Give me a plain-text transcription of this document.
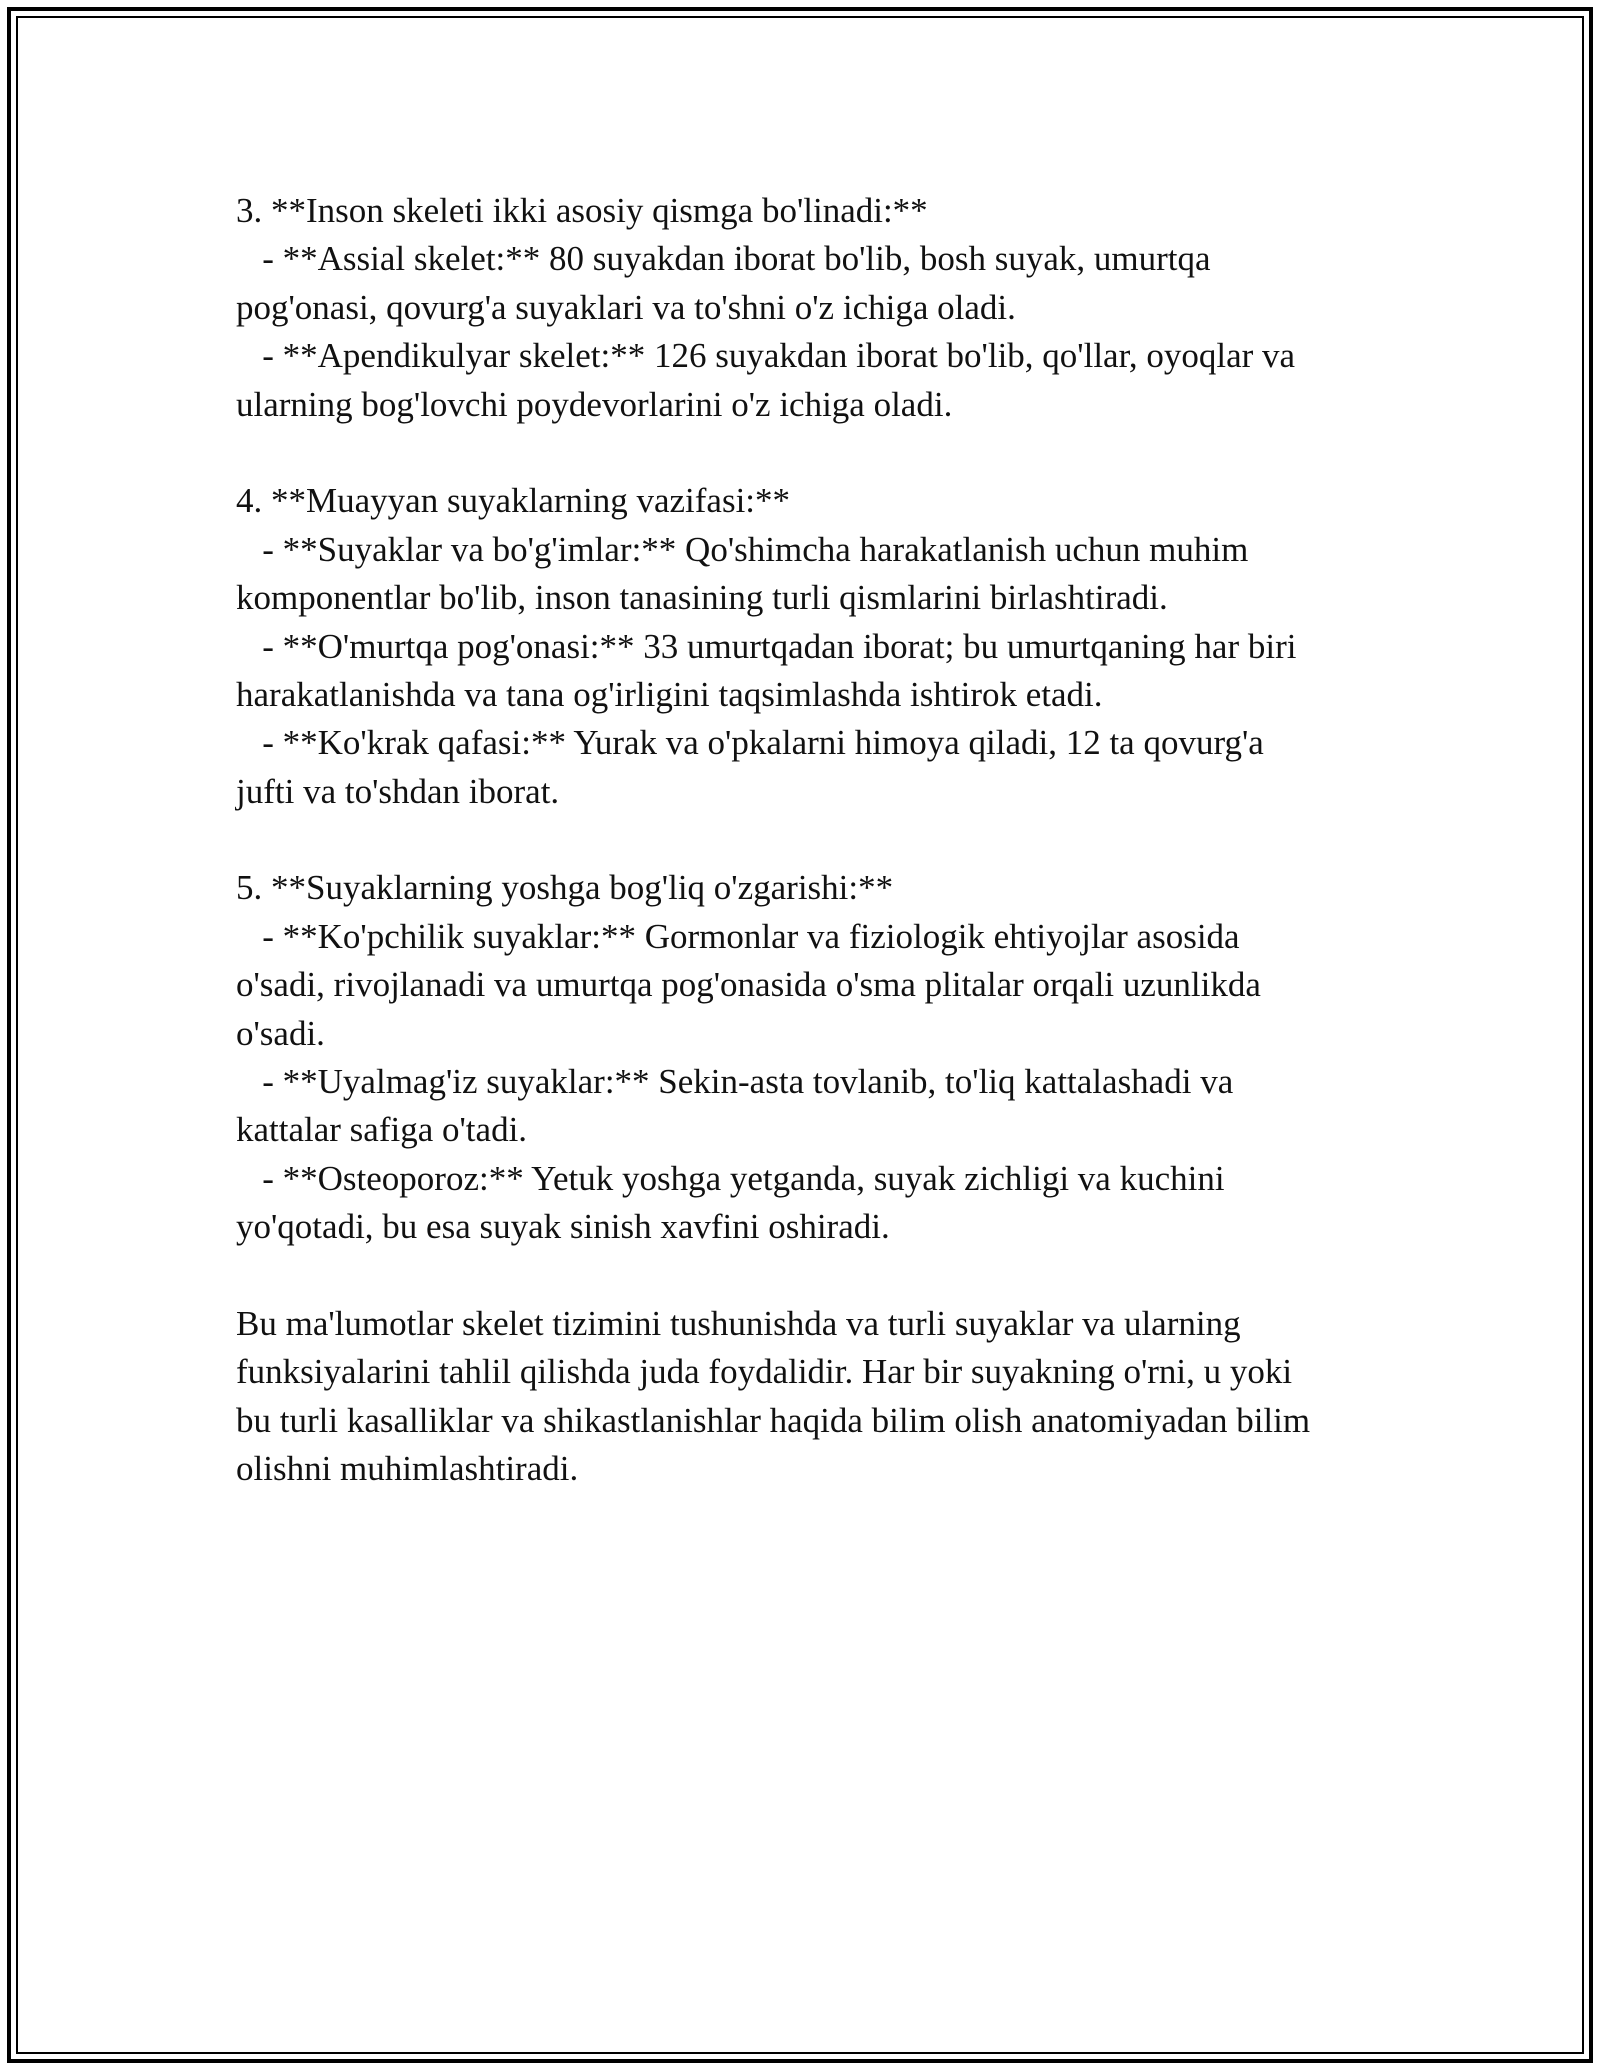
3. **Inson skeleti ikki asosiy qismga bo'linadi:**

- **Assial skelet:** 80 suyakdan iborat bo'lib, bosh suyak, umurtqa

pog'onasi, qovurg'a suyaklari va to'shni o'z ichiga oladi.

- **Apendikulyar skelet:** 126 suyakdan iborat bo'lib, qo'llar, oyoqlar va

ularning bog'lovchi poydevorlarini o'z ichiga oladi.

4. **Muayyan suyaklarning vazifasi:**

- **Suyaklar va bo'g'imlar:** Qo'shimcha harakatlanish uchun muhim

komponentlar bo'lib, inson tanasining turli qismlarini birlashtiradi.

- **O'murtqa pog'onasi:** 33 umurtqadan iborat; bu umurtqaning har biri

harakatlanishda va tana og'irligini taqsimlashda ishtirok etadi.

- **Ko'krak qafasi:** Yurak va o'pkalarni himoya qiladi, 12 ta qovurg'a

jufti va to'shdan iborat.

5. **Suyaklarning yoshga bog'liq o'zgarishi:**

- **Ko'pchilik suyaklar:** Gormonlar va fiziologik ehtiyojlar asosida

o'sadi, rivojlanadi va umurtqa pog'onasida o'sma plitalar orqali uzunlikda

o'sadi.

- **Uyalmag'iz suyaklar:** Sekin-asta tovlanib, to'liq kattalashadi va

kattalar safiga o'tadi.

- **Osteoporoz:** Yetuk yoshga yetganda, suyak zichligi va kuchini

yo'qotadi, bu esa suyak sinish xavfini oshiradi.

Bu ma'lumotlar skelet tizimini tushunishda va turli suyaklar va ularning

funksiyalarini tahlil qilishda juda foydalidir. Har bir suyakning o'rni, u yoki

bu turli kasalliklar va shikastlanishlar haqida bilim olish anatomiyadan bilim

olishni muhimlashtiradi.
